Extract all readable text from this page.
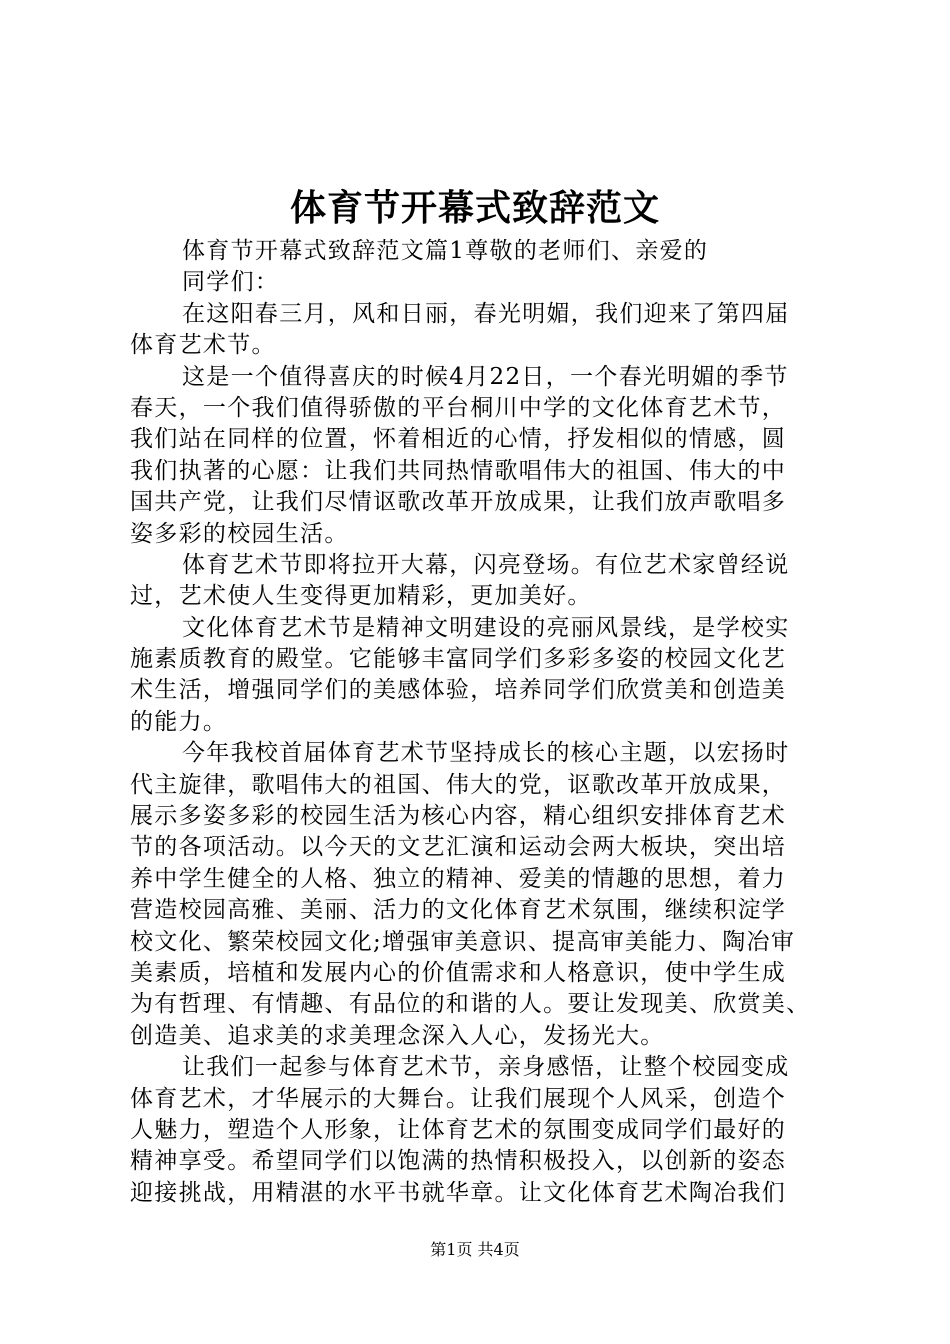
体育节开幕式致辞范文
体育节开幕式致辞范文篇1尊敬的老师们、亲爱的
同学们：
在这阳春三月，风和日丽，春光明媚，我们迎来了第四届
体育艺术节。
这是一个值得喜庆的时候4月22日，一个春光明媚的季节
春天，一个我们值得骄傲的平台桐川中学的文化体育艺术节，
我们站在同样的位置，怀着相近的心情，抒发相似的情感，圆
我们执著的心愿：让我们共同热情歌唱伟大的祖国、伟大的中
国共产党，让我们尽情讴歌改革开放成果，让我们放声歌唱多
姿多彩的校园生活。
体育艺术节即将拉开大幕，闪亮登场。有位艺术家曾经说
过，艺术使人生变得更加精彩，更加美好。
文化体育艺术节是精神文明建设的亮丽风景线，是学校实
施素质教育的殿堂。它能够丰富同学们多彩多姿的校园文化艺
术生活，增强同学们的美感体验，培养同学们欣赏美和创造美
的能力。
今年我校首届体育艺术节坚持成长的核心主题，以宏扬时
代主旋律，歌唱伟大的祖国、伟大的党，讴歌改革开放成果，
展示多姿多彩的校园生活为核心内容，精心组织安排体育艺术
节的各项活动。以今天的文艺汇演和运动会两大板块，突出培
养中学生健全的人格、独立的精神、爱美的情趣的思想，着力
营造校园高雅、美丽、活力的文化体育艺术氛围，继续积淀学
校文化、繁荣校园文化;增强审美意识、提高审美能力、陶冶审
美素质，培植和发展内心的价值需求和人格意识，使中学生成
为有哲理、有情趣、有品位的和谐的人。要让发现美、欣赏美、
创造美、追求美的求美理念深入人心，发扬光大。
让我们一起参与体育艺术节，亲身感悟，让整个校园变成
体育艺术，才华展示的大舞台。让我们展现个人风采，创造个
人魅力，塑造个人形象，让体育艺术的氛围变成同学们最好的
精神享受。希望同学们以饱满的热情积极投入，以创新的姿态
迎接挑战，用精湛的水平书就华章。让文化体育艺术陶冶我们
第1页 共4页
